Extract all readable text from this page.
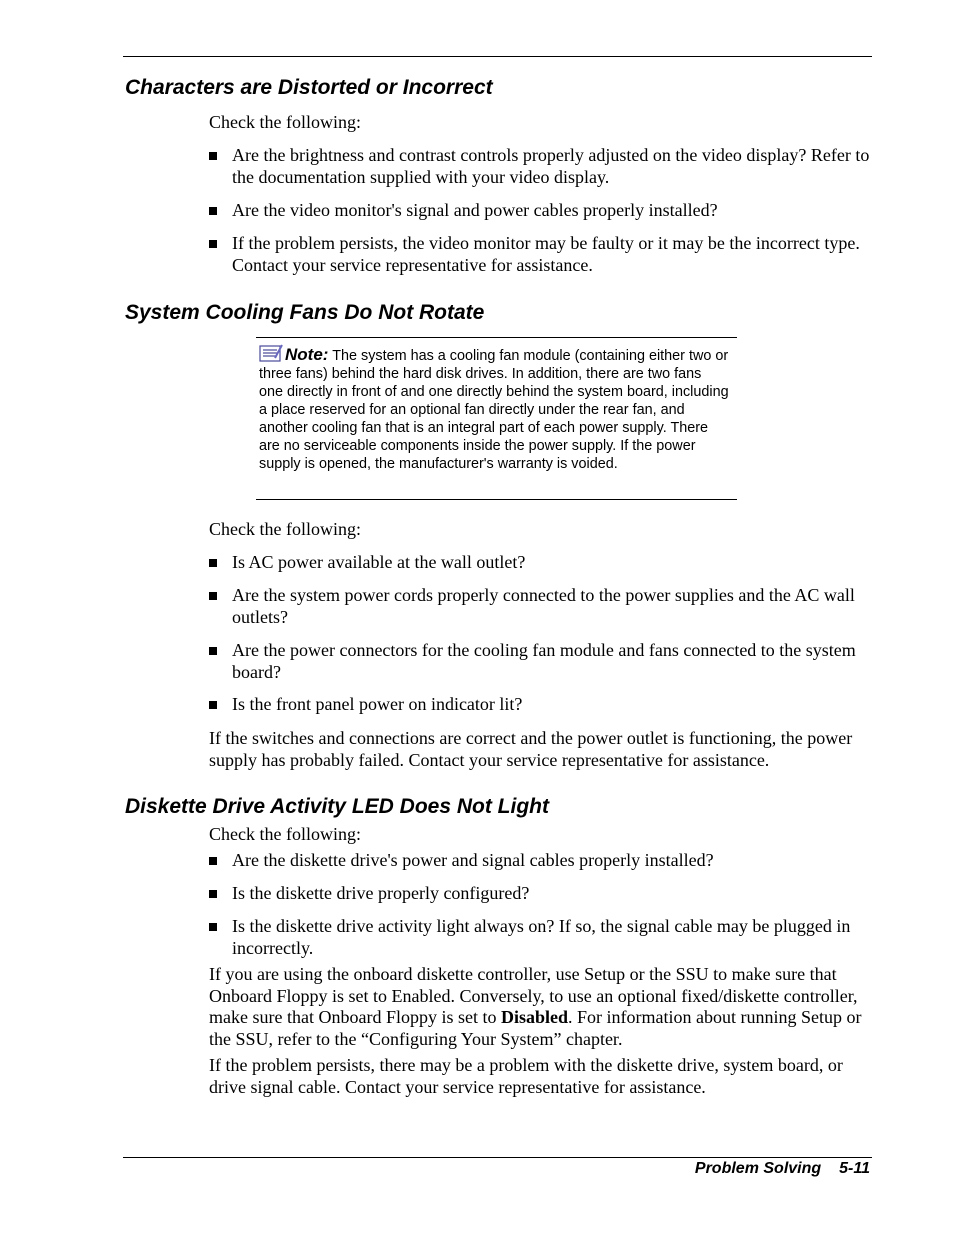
Characters are Distorted or Incorrect

Check the following:

Are the brightness and contrast controls properly adjusted on the video display? Refer to the documentation supplied with your video display.
Are the video monitor's signal and power cables properly installed?
If the problem persists, the video monitor may be faulty or it may be the incorrect type. Contact your service representative for assistance.
System Cooling Fans Do Not Rotate

Note: The system has a cooling fan module (containing either two or three fans) behind the hard disk drives. In addition, there are two fans one directly in front of and one directly behind the system board, including a place reserved for an optional fan directly under the rear fan, and another cooling fan that is an integral part of each power supply. There are no serviceable components inside the power supply. If the power supply is opened, the manufacturer's warranty is voided.

Check the following:

Is AC power available at the wall outlet?
Are the system power cords properly connected to the power supplies and the AC wall outlets?
Are the power connectors for the cooling fan module and fans connected to the system board?
Is the front panel power on indicator lit?

If the switches and connections are correct and the power outlet is functioning, the power supply has probably failed. Contact your service representative for assistance.

Diskette Drive Activity LED Does Not Light

Check the following:

Are the diskette drive's power and signal cables properly installed?
Is the diskette drive properly configured?
Is the diskette drive activity light always on? If so, the signal cable may be plugged in incorrectly.

If you are using the onboard diskette controller, use Setup or the SSU to make sure that Onboard Floppy is set to Enabled. Conversely, to use an optional fixed/diskette controller, make sure that Onboard Floppy is set to Disabled. For information about running Setup or the SSU, refer to the “Configuring Your System” chapter.

If the problem persists, there may be a problem with the diskette drive, system board, or drive signal cable. Contact your service representative for assistance.

Problem Solving 5-11
